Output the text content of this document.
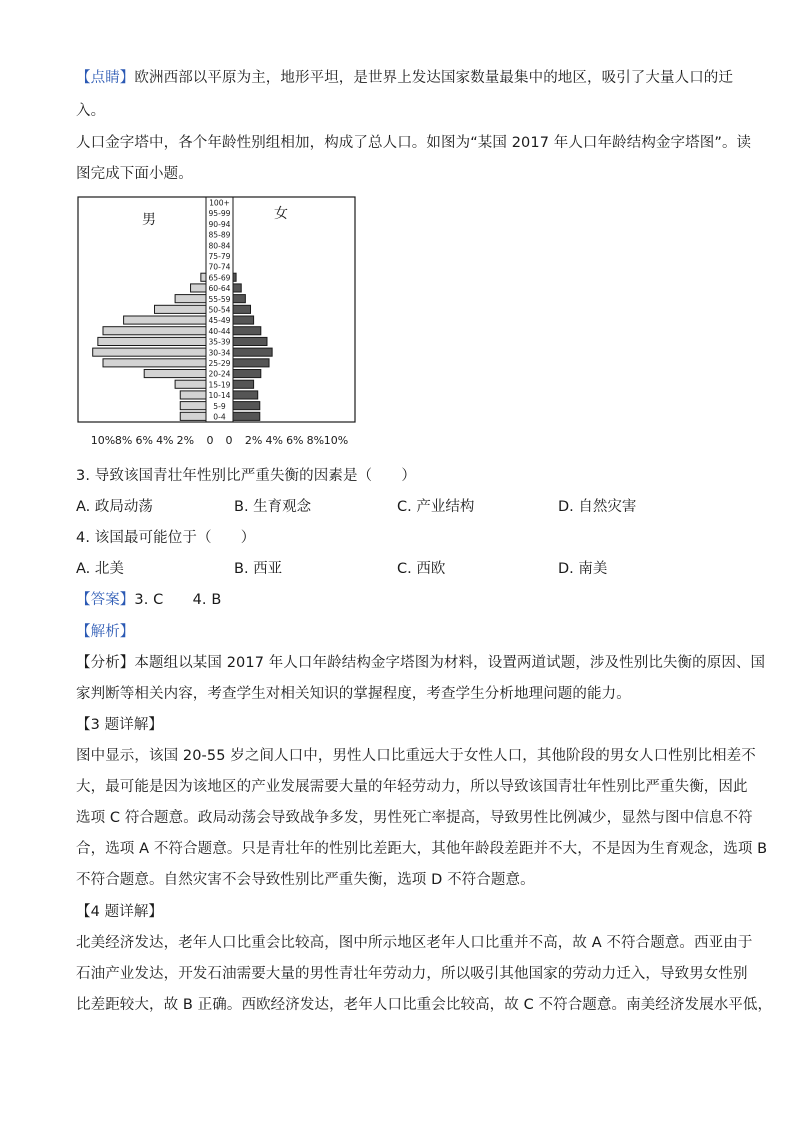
【点睛】欧洲西部以平原为主，地形平坦，是世界上发达国家数量最集中的地区，吸引了大量人口的迁
入。
人口金字塔中，各个年龄性别组相加，构成了总人口。如图为“某国 2017 年人口年龄结构金字塔图”。读
图完成下面小题。
男	女
100+
95-99
90-94
85-89
80-84
75-79
70-74
65-69
60-64
55-59
50-54
45-49
40-44
35-39
30-34
25-29
20-24
15-19
10-14
5-9
0-4
10% 8% 6% 4% 2% 0 0 2% 4% 6% 8% 10%
3. 导致该国青壮年性别比严重失衡的因素是（　　）
A. 政局动荡	B. 生育观念	C. 产业结构	D. 自然灾害
4. 该国最可能位于（　　）
A. 北美	B. 西亚	C. 西欧	D. 南美
【答案】3. C　　4. B
【解析】
【分析】本题组以某国 2017 年人口年龄结构金字塔图为材料，设置两道试题，涉及性别比失衡的原因、国
家判断等相关内容，考查学生对相关知识的掌握程度，考查学生分析地理问题的能力。
【3 题详解】
图中显示，该国 20-55 岁之间人口中，男性人口比重远大于女性人口，其他阶段的男女人口性别比相差不
大，最可能是因为该地区的产业发展需要大量的年轻劳动力，所以导致该国青壮年性别比严重失衡，因此
选项 C 符合题意。政局动荡会导致战争多发，男性死亡率提高，导致男性比例减少，显然与图中信息不符
合，选项 A 不符合题意。只是青壮年的性别比差距大，其他年龄段差距并不大，不是因为生育观念，选项 B
不符合题意。自然灾害不会导致性别比严重失衡，选项 D 不符合题意。
【4 题详解】
北美经济发达，老年人口比重会比较高，图中所示地区老年人口比重并不高，故 A 不符合题意。西亚由于
石油产业发达，开发石油需要大量的男性青壮年劳动力，所以吸引其他国家的劳动力迁入，导致男女性别
比差距较大，故 B 正确。西欧经济发达，老年人口比重会比较高，故 C 不符合题意。南美经济发展水平低，
